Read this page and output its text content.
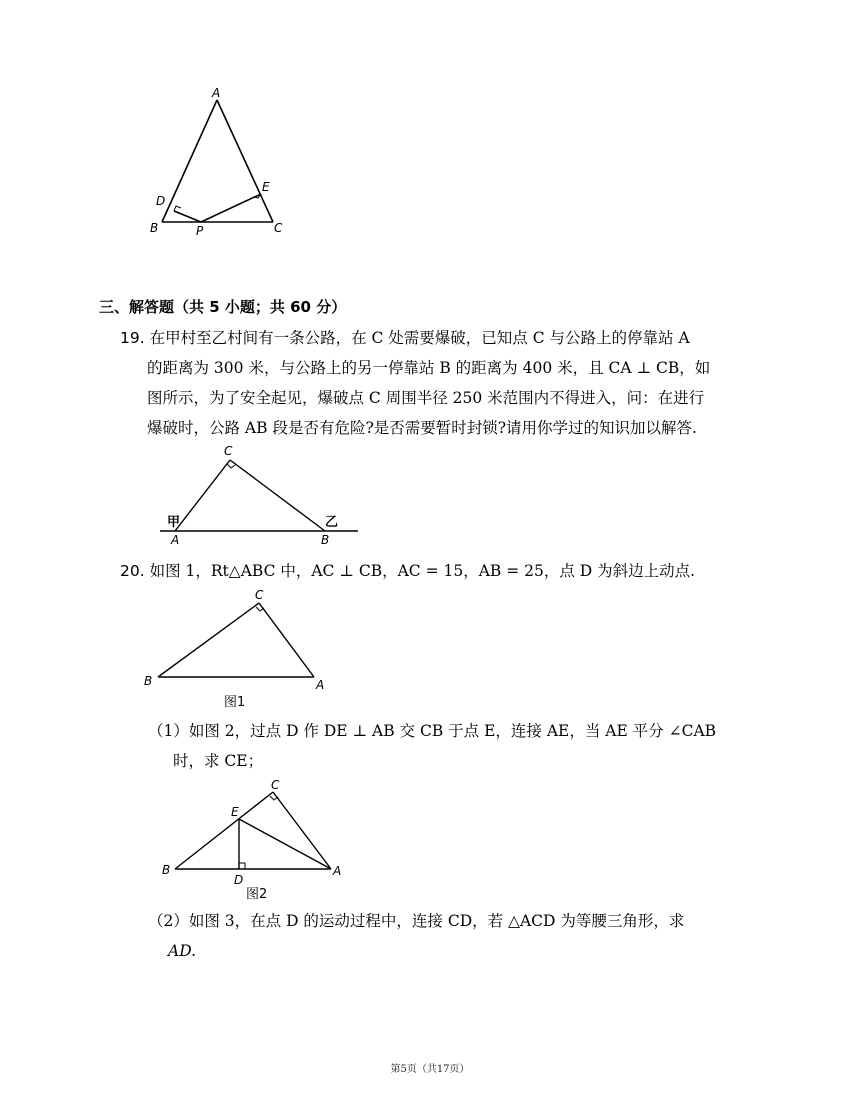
A
D
E
B	P	C
三、解答题（共 5 小题；共 60 分）
19. 在甲村至乙村间有一条公路，在 C 处需要爆破，已知点 C 与公路上的停靠站 A
的距离为 300 米，与公路上的另一停靠站 B 的距离为 400 米，且 CA ⊥ CB，如
图所示，为了安全起见，爆破点 C 周围半径 250 米范围内不得进入，问：在进行
爆破时，公路 AB 段是否有危险?是否需要暂时封锁?请用你学过的知识加以解答.
C
甲	乙
A	B
20. 如图 1，Rt△ABC 中，AC ⊥ CB，AC = 15，AB = 25，点 D 为斜边上动点.
C
B	A
图1
（1）如图 2，过点 D 作 DE ⊥ AB 交 CB 于点 E，连接 AE，当 AE 平分 ∠CAB
时，求 CE；
C
E
B	A
D
图2
（2）如图 3，在点 D 的运动过程中，连接 CD，若 △ACD 为等腰三角形，求
AD.
第5页（共17页）
